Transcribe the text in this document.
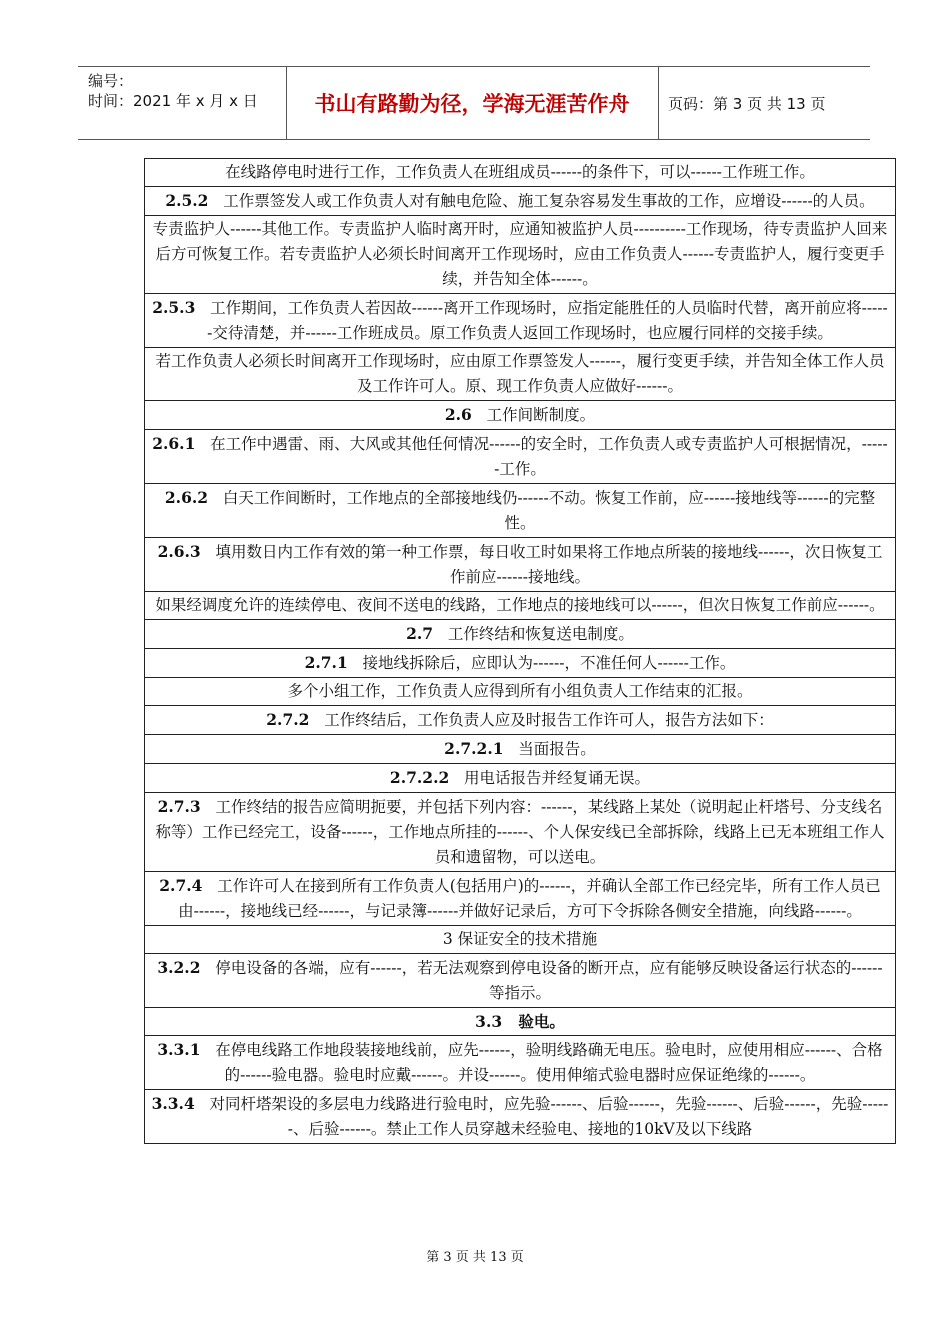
编号：
时间：2021 年 x 月 x 日	书山有路勤为径，学海无涯苦作舟	页码：第 3 页 共 13 页
在线路停电时进行工作，工作负责人在班组成员------的条件下，可以------工作班工作。
2.5.2 工作票签发人或工作负责人对有触电危险、施工复杂容易发生事故的工作，应增设------的人员。
专责监护人------其他工作。专责监护人临时离开时，应通知被监护人员----------工作现场，待专责监护人回来后方可恢复工作。若专责监护人必须长时间离开工作现场时，应由工作负责人------专责监护人，履行变更手续，并告知全体------。
2.5.3 工作期间，工作负责人若因故------离开工作现场时，应指定能胜任的人员临时代替，离开前应将------交待清楚，并------工作班成员。原工作负责人返回工作现场时，也应履行同样的交接手续。
若工作负责人必须长时间离开工作现场时，应由原工作票签发人------，履行变更手续，并告知全体工作人员及工作许可人。原、现工作负责人应做好------。
2.6 工作间断制度。
2.6.1 在工作中遇雷、雨、大风或其他任何情况------的安全时，工作负责人或专责监护人可根据情况，------工作。
2.6.2 白天工作间断时，工作地点的全部接地线仍------不动。恢复工作前，应------接地线等------的完整性。
2.6.3 填用数日内工作有效的第一种工作票，每日收工时如果将工作地点所装的接地线------，次日恢复工作前应------接地线。
如果经调度允许的连续停电、夜间不送电的线路，工作地点的接地线可以------，但次日恢复工作前应------。
2.7 工作终结和恢复送电制度。
2.7.1 接地线拆除后，应即认为------，不准任何人------工作。
多个小组工作，工作负责人应得到所有小组负责人工作结束的汇报。
2.7.2 工作终结后，工作负责人应及时报告工作许可人，报告方法如下：
2.7.2.1 当面报告。
2.7.2.2 用电话报告并经复诵无误。
2.7.3 工作终结的报告应简明扼要，并包括下列内容：------，某线路上某处（说明起止杆塔号、分支线名称等）工作已经完工，设备------，工作地点所挂的------、个人保安线已全部拆除，线路上已无本班组工作人员和遗留物，可以送电。
2.7.4 工作许可人在接到所有工作负责人(包括用户)的------，并确认全部工作已经完毕，所有工作人员已由------，接地线已经------，与记录簿------并做好记录后，方可下令拆除各侧安全措施，向线路------。
3 保证安全的技术措施
3.2.2 停电设备的各端，应有------，若无法观察到停电设备的断开点，应有能够反映设备运行状态的------等指示。
3.3 验电。
3.3.1 在停电线路工作地段装接地线前，应先------，验明线路确无电压。验电时，应使用相应------、合格的------验电器。验电时应戴------。并设------。使用伸缩式验电器时应保证绝缘的------。
3.3.4 对同杆塔架设的多层电力线路进行验电时，应先验------、后验------，先验------、后验------，先验------、后验------。禁止工作人员穿越未经验电、接地的10kV及以下线路
第 3 页 共 13 页
